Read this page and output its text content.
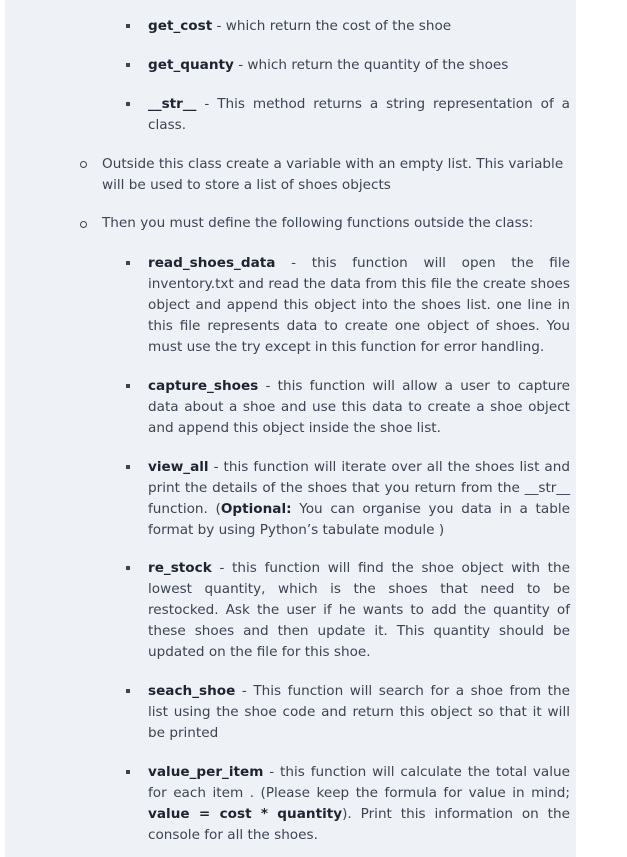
get_cost - which return the cost of the shoe

get_quanty - which return the quantity of the shoes

__str__ - This method returns a string representation of a class.

Outside this class create a variable with an empty list. This variable will be used to store a list of shoes objects

Then you must define the following functions outside the class:

read_shoes_data - this function will open the file inventory.txt and read the data from this file the create shoes object and append this object into the shoes list. one line in this file represents data to create one object of shoes. You must use the try except in this function for error handling.

capture_shoes - this function will allow a user to capture data about a shoe and use this data to create a shoe object and append this object inside the shoe list.

view_all - this function will iterate over all the shoes list and print the details of the shoes that you return from the __str__ function. (Optional: You can organise you data in a table format by using Python’s tabulate module )

re_stock - this function will find the shoe object with the lowest quantity, which is the shoes that need to be restocked. Ask the user if he wants to add the quantity of these shoes and then update it. This quantity should be updated on the file for this shoe.

seach_shoe - This function will search for a shoe from the list using the shoe code and return this object so that it will be printed

value_per_item - this function will calculate the total value for each item . (Please keep the formula for value in mind; value = cost * quantity). Print this information on the console for all the shoes.
